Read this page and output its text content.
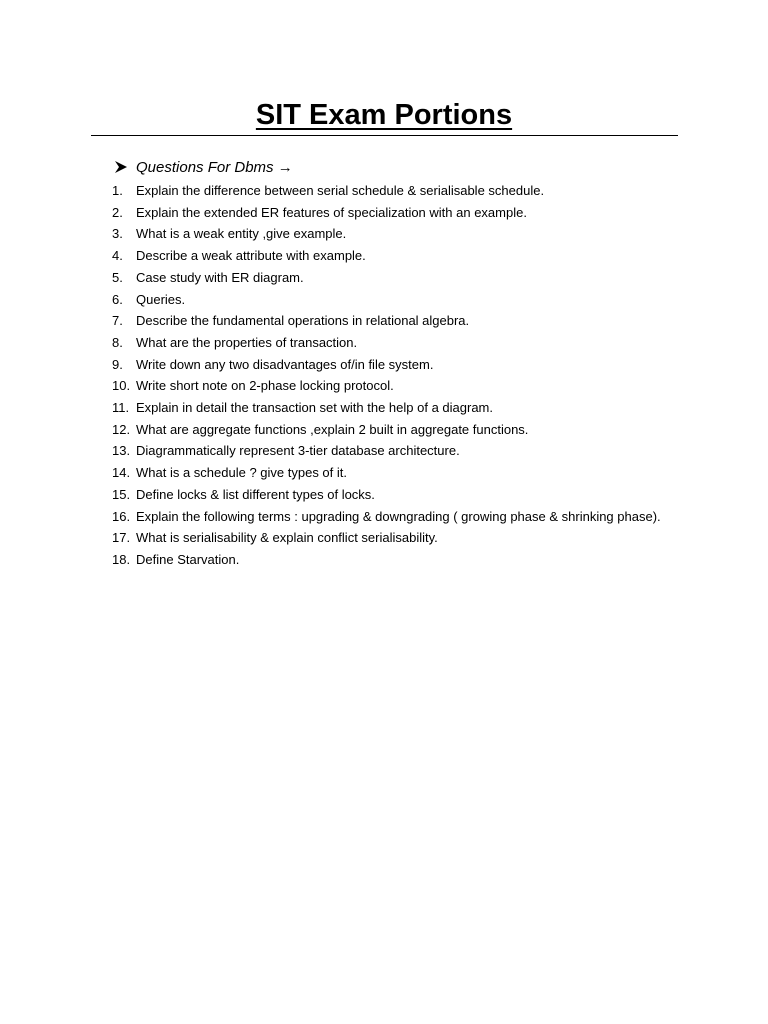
SIT Exam Portions
Questions For Dbms →
1.	Explain the difference between serial schedule & serialisable schedule.
2.	Explain the extended ER features of specialization with an example.
3.	What is a weak entity ,give example.
4.	Describe a weak attribute with example.
5.	Case study with ER diagram.
6.	Queries.
7.	Describe the fundamental operations in relational algebra.
8.	What are the properties of transaction.
9.	Write down any two disadvantages of/in file system.
10. Write short note on 2-phase locking protocol.
11. Explain in detail the transaction set with the help of a diagram.
12. What are aggregate functions ,explain 2 built in aggregate functions.
13. Diagrammatically represent 3-tier database architecture.
14. What is a schedule ? give types of it.
15. Define locks & list different types of locks.
16. Explain the following terms : upgrading & downgrading ( growing phase & shrinking phase).
17. What is serialisability & explain conflict serialisability.
18. Define Starvation.
